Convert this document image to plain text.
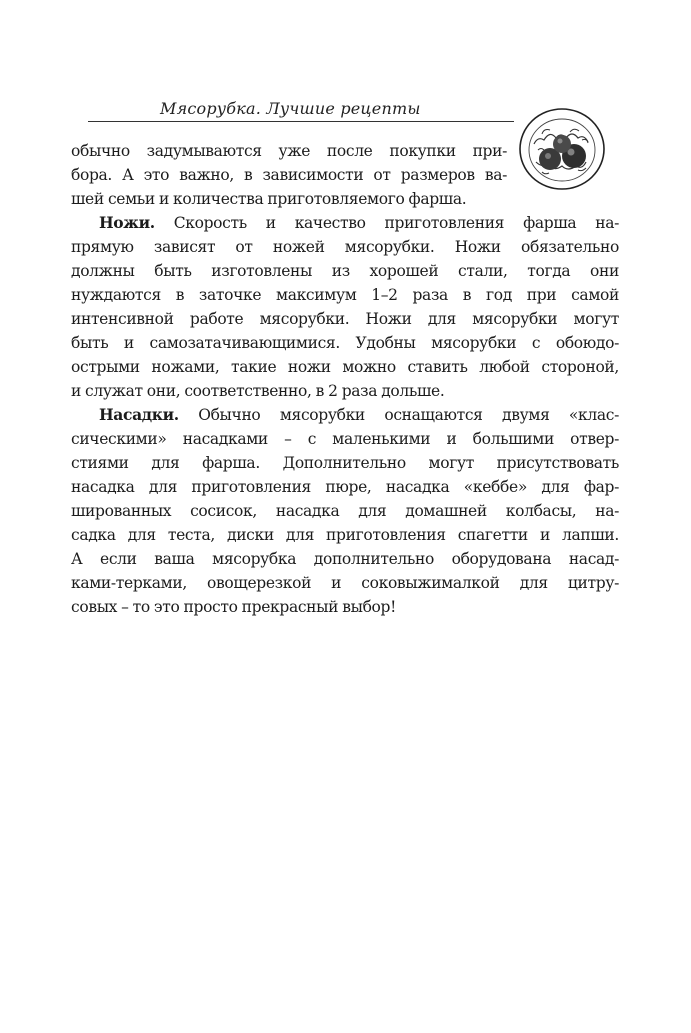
Мясорубка. Лучшие рецепты
обычно задумываются уже после покупки при-
бора. А это важно, в зависимости от размеров ва-
шей семьи и количества приготовляемого фарша.
Ножи. Скорость и качество приготовления фарша на-
прямую зависят от ножей мясорубки. Ножи обязательно
должны быть изготовлены из хорошей стали, тогда они
нуждаются в заточке максимум 1–2 раза в год при самой
интенсивной работе мясорубки. Ножи для мясорубки могут
быть и самозатачивающимися. Удобны мясорубки с обоюдо-
острыми ножами, такие ножи можно ставить любой стороной,
и служат они, соответственно, в 2 раза дольше.
Насадки. Обычно мясорубки оснащаются двумя «клас-
сическими» насадками – с маленькими и большими отвер-
стиями для фарша. Дополнительно могут присутствовать
насадка для приготовления пюре, насадка «кеббе» для фар-
шированных сосисок, насадка для домашней колбасы, на-
садка для теста, диски для приготовления спагетти и лапши.
А если ваша мясорубка дополнительно оборудована насад-
ками-терками, овощерезкой и соковыжималкой для цитру-
совых – то это просто прекрасный выбор!
